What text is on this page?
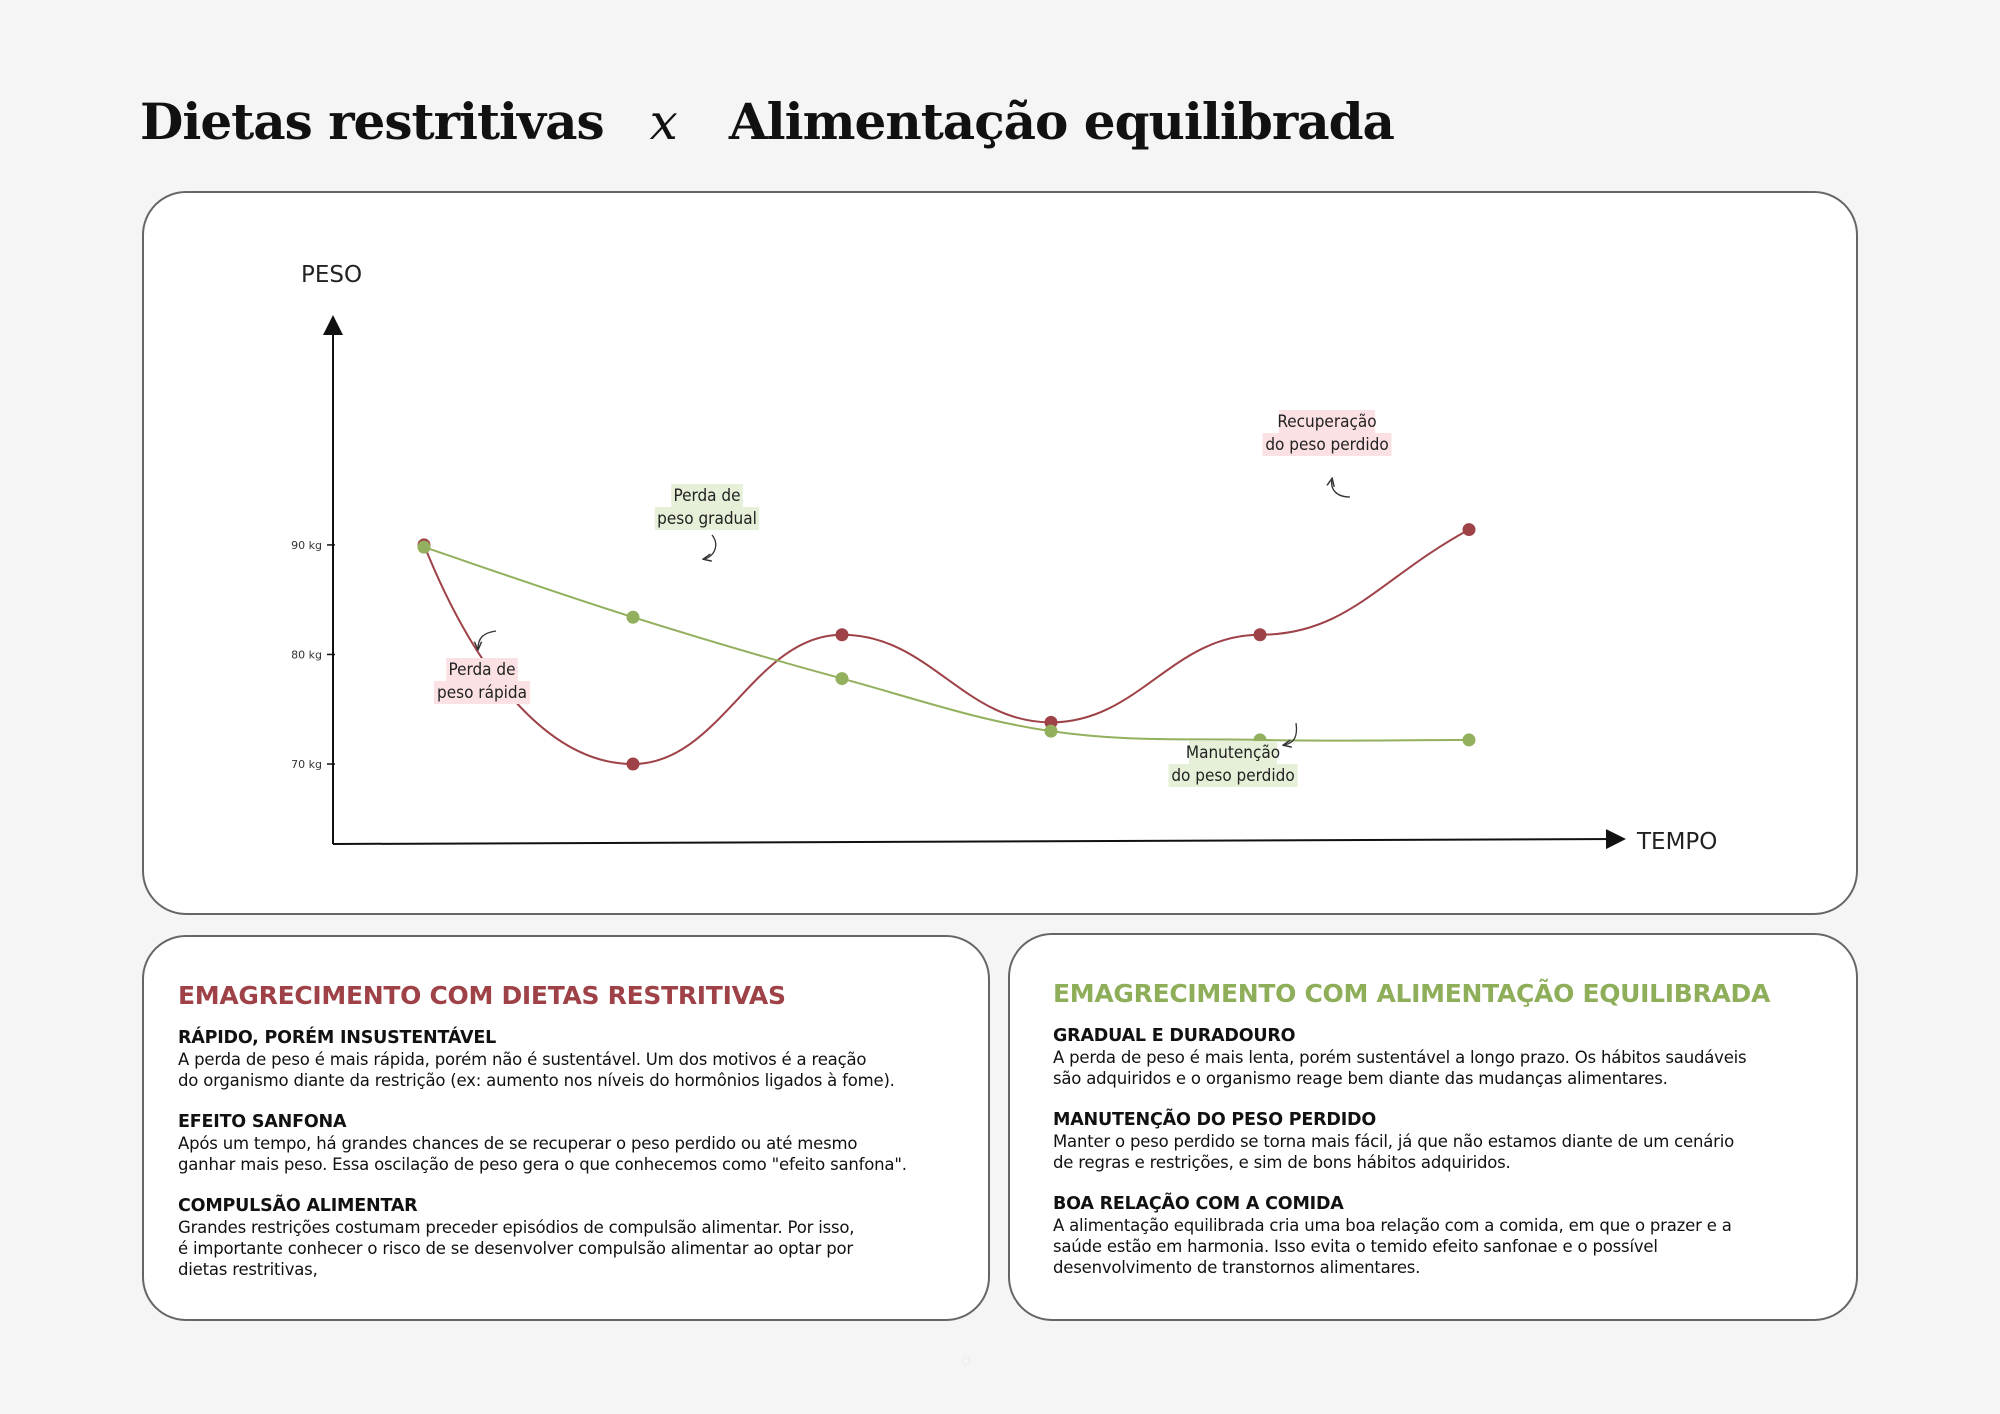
Dietas restritivas x Alimentação equilibrada
PESO
TEMPO
70 kg
80 kg
90 kg
Perda de
peso rápida
Perda de
peso gradual
Recuperação
do peso perdido
Manutenção
do peso perdido
EMAGRECIMENTO COM DIETAS RESTRITIVAS
RÁPIDO, PORÉM INSUSTENTÁVEL
A perda de peso é mais rápida, porém não é sustentável. Um dos motivos é a reação
do organismo diante da restrição (ex: aumento nos níveis do hormônios ligados à fome).
EFEITO SANFONA
Após um tempo, há grandes chances de se recuperar o peso perdido ou até mesmo
ganhar mais peso. Essa oscilação de peso gera o que conhecemos como "efeito sanfona".
COMPULSÃO ALIMENTAR
Grandes restrições costumam preceder episódios de compulsão alimentar. Por isso,
é importante conhecer o risco de se desenvolver compulsão alimentar ao optar por
dietas restritivas,
EMAGRECIMENTO COM ALIMENTAÇÃO EQUILIBRADA
GRADUAL E DURADOURO
A perda de peso é mais lenta, porém sustentável a longo prazo. Os hábitos saudáveis
são adquiridos e o organismo reage bem diante das mudanças alimentares.
MANUTENÇÃO DO PESO PERDIDO
Manter o peso perdido se torna mais fácil, já que não estamos diante de um cenário
de regras e restrições, e sim de bons hábitos adquiridos.
BOA RELAÇÃO COM A COMIDA
A alimentação equilibrada cria uma boa relação com a comida, em que o prazer e a
saúde estão em harmonia. Isso evita o temido efeito sanfonae e o possível
desenvolvimento de transtornos alimentares.
◌
